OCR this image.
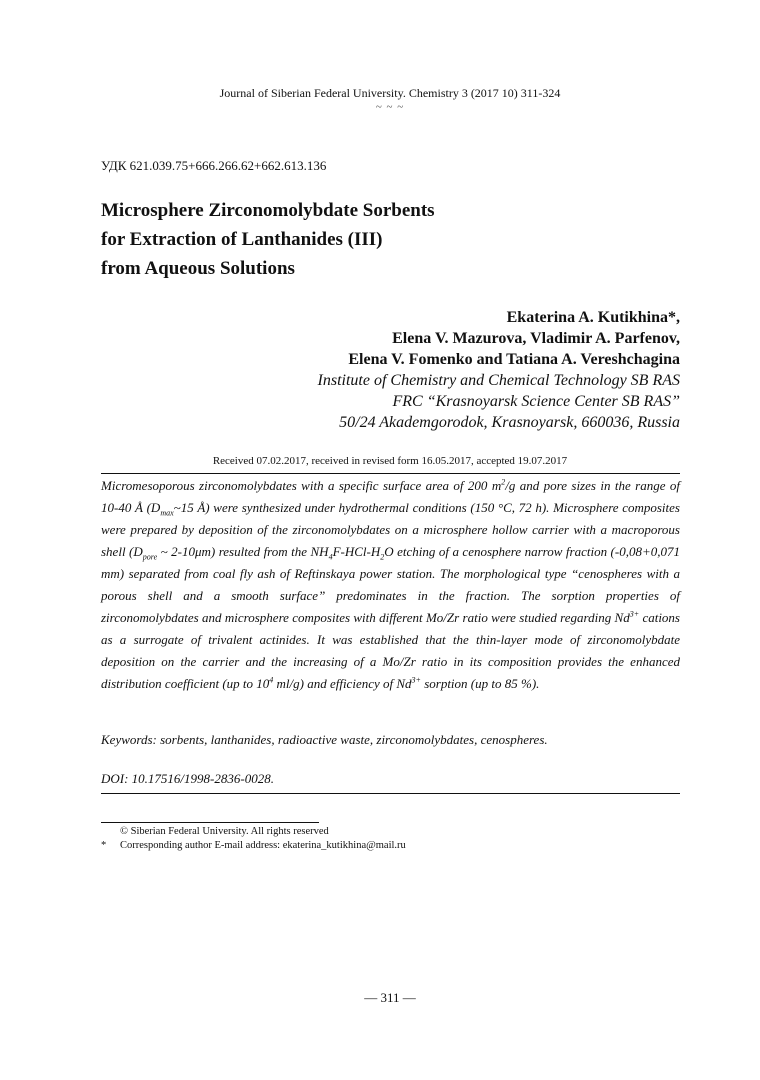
Journal of Siberian Federal University. Chemistry 3 (2017 10) 311-324
~ ~ ~
УДК 621.039.75+666.266.62+662.613.136
Microsphere Zirconomolybdate Sorbents
for Extraction of Lanthanides (III)
from Aqueous Solutions
Ekaterina A. Kutikhina*,
Elena V. Mazurova, Vladimir A. Parfenov,
Elena V. Fomenko and Tatiana A. Vereshchagina
Institute of Chemistry and Chemical Technology SB RAS
FRC “Krasnoyarsk Science Center SB RAS”
50/24 Akademgorodok, Krasnoyarsk, 660036, Russia
Received 07.02.2017, received in revised form 16.05.2017, accepted 19.07.2017
Micromesoporous zirconomolybdates with a specific surface area of 200 $m^2/g$ and pore sizes in the range of 10-40 Å ($D_{max}\sim 15$ Å) were synthesized under hydrothermal conditions (150 °C, 72 h). Microsphere composites were prepared by deposition of the zirconomolybdates on a microsphere hollow carrier with a macroporous shell ($D_{pore}$ ~ 2-10μm) resulted from the $NH_4F-HCl-H_2O$ etching of a cenosphere narrow fraction (-0,08+0,071 mm) separated from coal fly ash of Reftinskaya power station. The morphological type “cenospheres with a porous shell and a smooth surface” predominates in the fraction. The sorption properties of zirconomolybdates and microsphere composites with different Mo/Zr ratio were studied regarding $Nd^{3+}$ cations as a surrogate of trivalent actinides. It was established that the thin-layer mode of zirconomolybdate deposition on the carrier and the increasing of a Mo/Zr ratio in its composition provides the enhanced distribution coefficient (up to $10^4$ ml/g) and efficiency of $Nd^{3+}$ sorption (up to 85 %).
Keywords: sorbents, lanthanides, radioactive waste, zirconomolybdates, cenospheres.
DOI: 10.17516/1998-2836-0028.
© Siberian Federal University. All rights reserved
* Corresponding author E-mail address: ekaterina_kutikhina@mail.ru
— 311 —
